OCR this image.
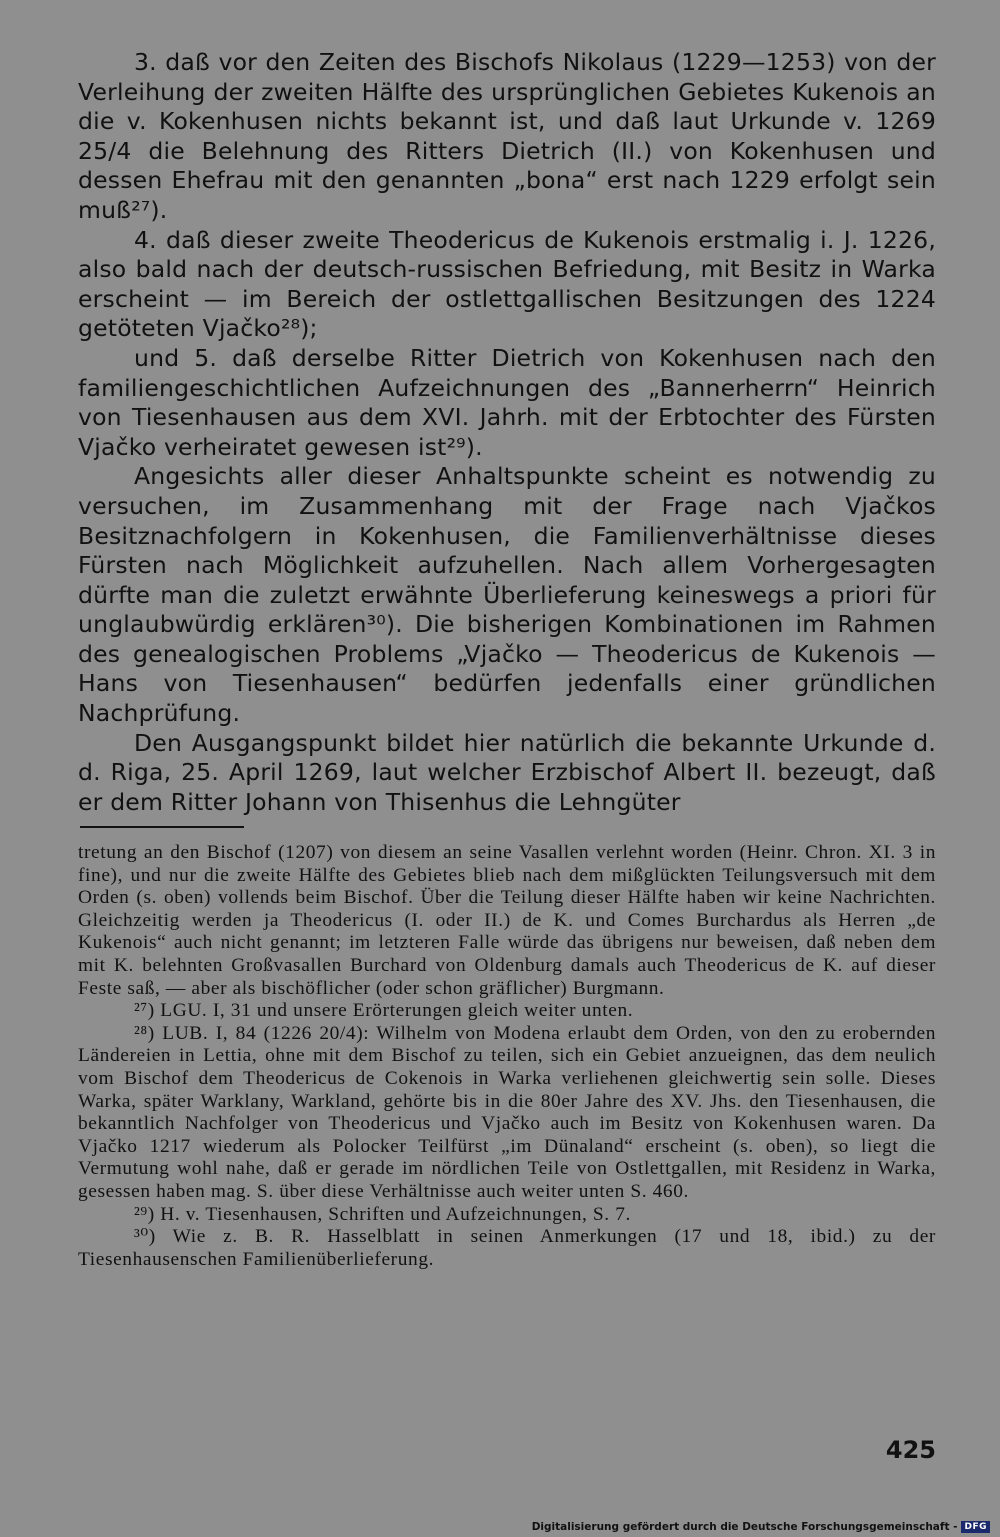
3. daß vor den Zeiten des Bischofs Nikolaus (1229—1253) von der Verleihung der zweiten Hälfte des ursprünglichen Gebietes Kukenois an die v. Kokenhusen nichts bekannt ist, und daß laut Urkunde v. 1269 25/4 die Belehnung des Ritters Dietrich (II.) von Kokenhusen und dessen Ehefrau mit den genannten „bona“ erst nach 1229 erfolgt sein muß²⁷).

4. daß dieser zweite Theodericus de Kukenois erstmalig i. J. 1226, also bald nach der deutsch-russischen Befriedung, mit Besitz in Warka erscheint — im Bereich der ostlettgallischen Besitzungen des 1224 getöteten Vjačko²⁸);

und 5. daß derselbe Ritter Dietrich von Kokenhusen nach den familiengeschichtlichen Aufzeichnungen des „Bannerherrn“ Heinrich von Tiesenhausen aus dem XVI. Jahrh. mit der Erbtochter des Fürsten Vjačko verheiratet gewesen ist²⁹).

Angesichts aller dieser Anhaltspunkte scheint es notwendig zu versuchen, im Zusammenhang mit der Frage nach Vjačkos Besitznachfolgern in Kokenhusen, die Familienverhältnisse dieses Fürsten nach Möglichkeit aufzuhellen. Nach allem Vorhergesagten dürfte man die zuletzt erwähnte Überlieferung keineswegs a priori für unglaubwürdig erklären³⁰). Die bisherigen Kombinationen im Rahmen des genealogischen Problems „Vjačko — Theodericus de Kukenois — Hans von Tiesenhausen“ bedürfen jedenfalls einer gründlichen Nachprüfung.

Den Ausgangspunkt bildet hier natürlich die bekannte Urkunde d. d. Riga, 25. April 1269, laut welcher Erzbischof Albert II. bezeugt, daß er dem Ritter Johann von Thisenhus die Lehngüter

tretung an den Bischof (1207) von diesem an seine Vasallen verlehnt worden (Heinr. Chron. XI. 3 in fine), und nur die zweite Hälfte des Gebietes blieb nach dem mißglückten Teilungsversuch mit dem Orden (s. oben) vollends beim Bischof. Über die Teilung dieser Hälfte haben wir keine Nachrichten. Gleichzeitig werden ja Theodericus (I. oder II.) de K. und Comes Burchardus als Herren „de Kukenois“ auch nicht genannt; im letzteren Falle würde das übrigens nur beweisen, daß neben dem mit K. belehnten Großvasallen Burchard von Oldenburg damals auch Theodericus de K. auf dieser Feste saß, — aber als bischöflicher (oder schon gräflicher) Burgmann.

²⁷) LGU. I, 31 und unsere Erörterungen gleich weiter unten.

²⁸) LUB. I, 84 (1226 20/4): Wilhelm von Modena erlaubt dem Orden, von den zu erobernden Ländereien in Lettia, ohne mit dem Bischof zu teilen, sich ein Gebiet anzueignen, das dem neulich vom Bischof dem Theodericus de Cokenois in Warka verliehenen gleichwertig sein solle. Dieses Warka, später Warklany, Warkland, gehörte bis in die 80er Jahre des XV. Jhs. den Tiesenhausen, die bekanntlich Nachfolger von Theodericus und Vjačko auch im Besitz von Kokenhusen waren. Da Vjačko 1217 wiederum als Polocker Teilfürst „im Dünaland“ erscheint (s. oben), so liegt die Vermutung wohl nahe, daß er gerade im nördlichen Teile von Ostlettgallen, mit Residenz in Warka, gesessen haben mag. S. über diese Verhältnisse auch weiter unten S. 460.

²⁹) H. v. Tiesenhausen, Schriften und Aufzeichnungen, S. 7.

³⁰) Wie z. B. R. Hasselblatt in seinen Anmerkungen (17 und 18, ibid.) zu der Tiesenhausenschen Familienüberlieferung.

425
Digitalisierung gefördert durch die Deutsche Forschungsgemeinschaft - DFG
